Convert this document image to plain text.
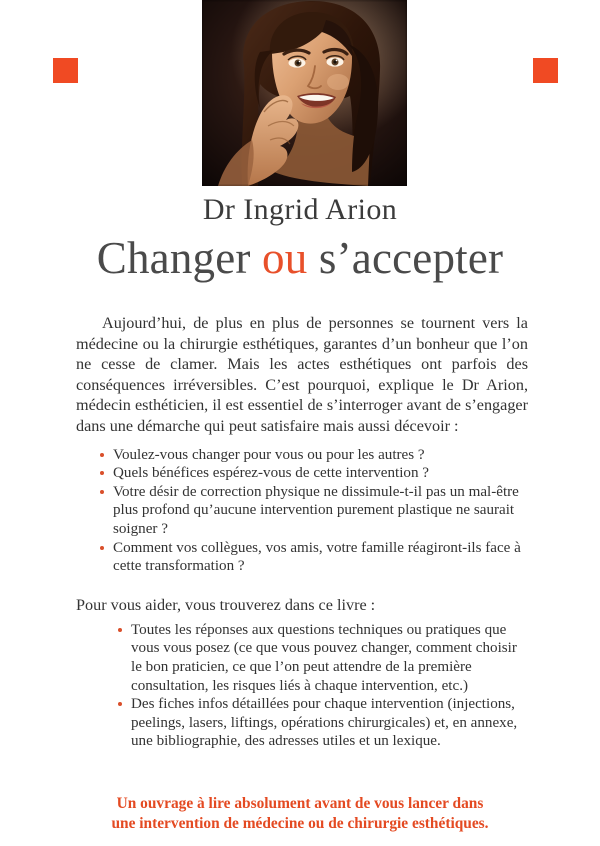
Dr Ingrid Arion
Changer ou s’accepter

Aujourd’hui, de plus en plus de personnes se tournent vers la médecine ou la chirurgie esthétiques, garantes d’un bonheur que l’on ne cesse de clamer. Mais les actes esthétiques ont parfois des conséquences irréversibles. C’est pourquoi, explique le Dr Arion, médecin esthéticien, il est essentiel de s’interroger avant de s’engager dans une démarche qui peut satisfaire mais aussi décevoir :

Voulez-vous changer pour vous ou pour les autres ?
Quels bénéfices espérez-vous de cette intervention ?
Votre désir de correction physique ne dissimule-t-il pas un mal-être plus profond qu’aucune intervention purement plastique ne saurait soigner ?
Comment vos collègues, vos amis, votre famille réagiront-ils face à cette transformation ?

Pour vous aider, vous trouverez dans ce livre :

Toutes les réponses aux questions techniques ou pratiques que vous vous posez (ce que vous pouvez changer, comment choisir le bon praticien, ce que l’on peut attendre de la première consultation, les risques liés à chaque intervention, etc.)
Des fiches infos détaillées pour chaque intervention (injections, peelings, lasers, liftings, opérations chirurgicales) et, en annexe, une bibliographie, des adresses utiles et un lexique.
Un ouvrage à lire absolument avant de vous lancer dans
une intervention de médecine ou de chirurgie esthétiques.
